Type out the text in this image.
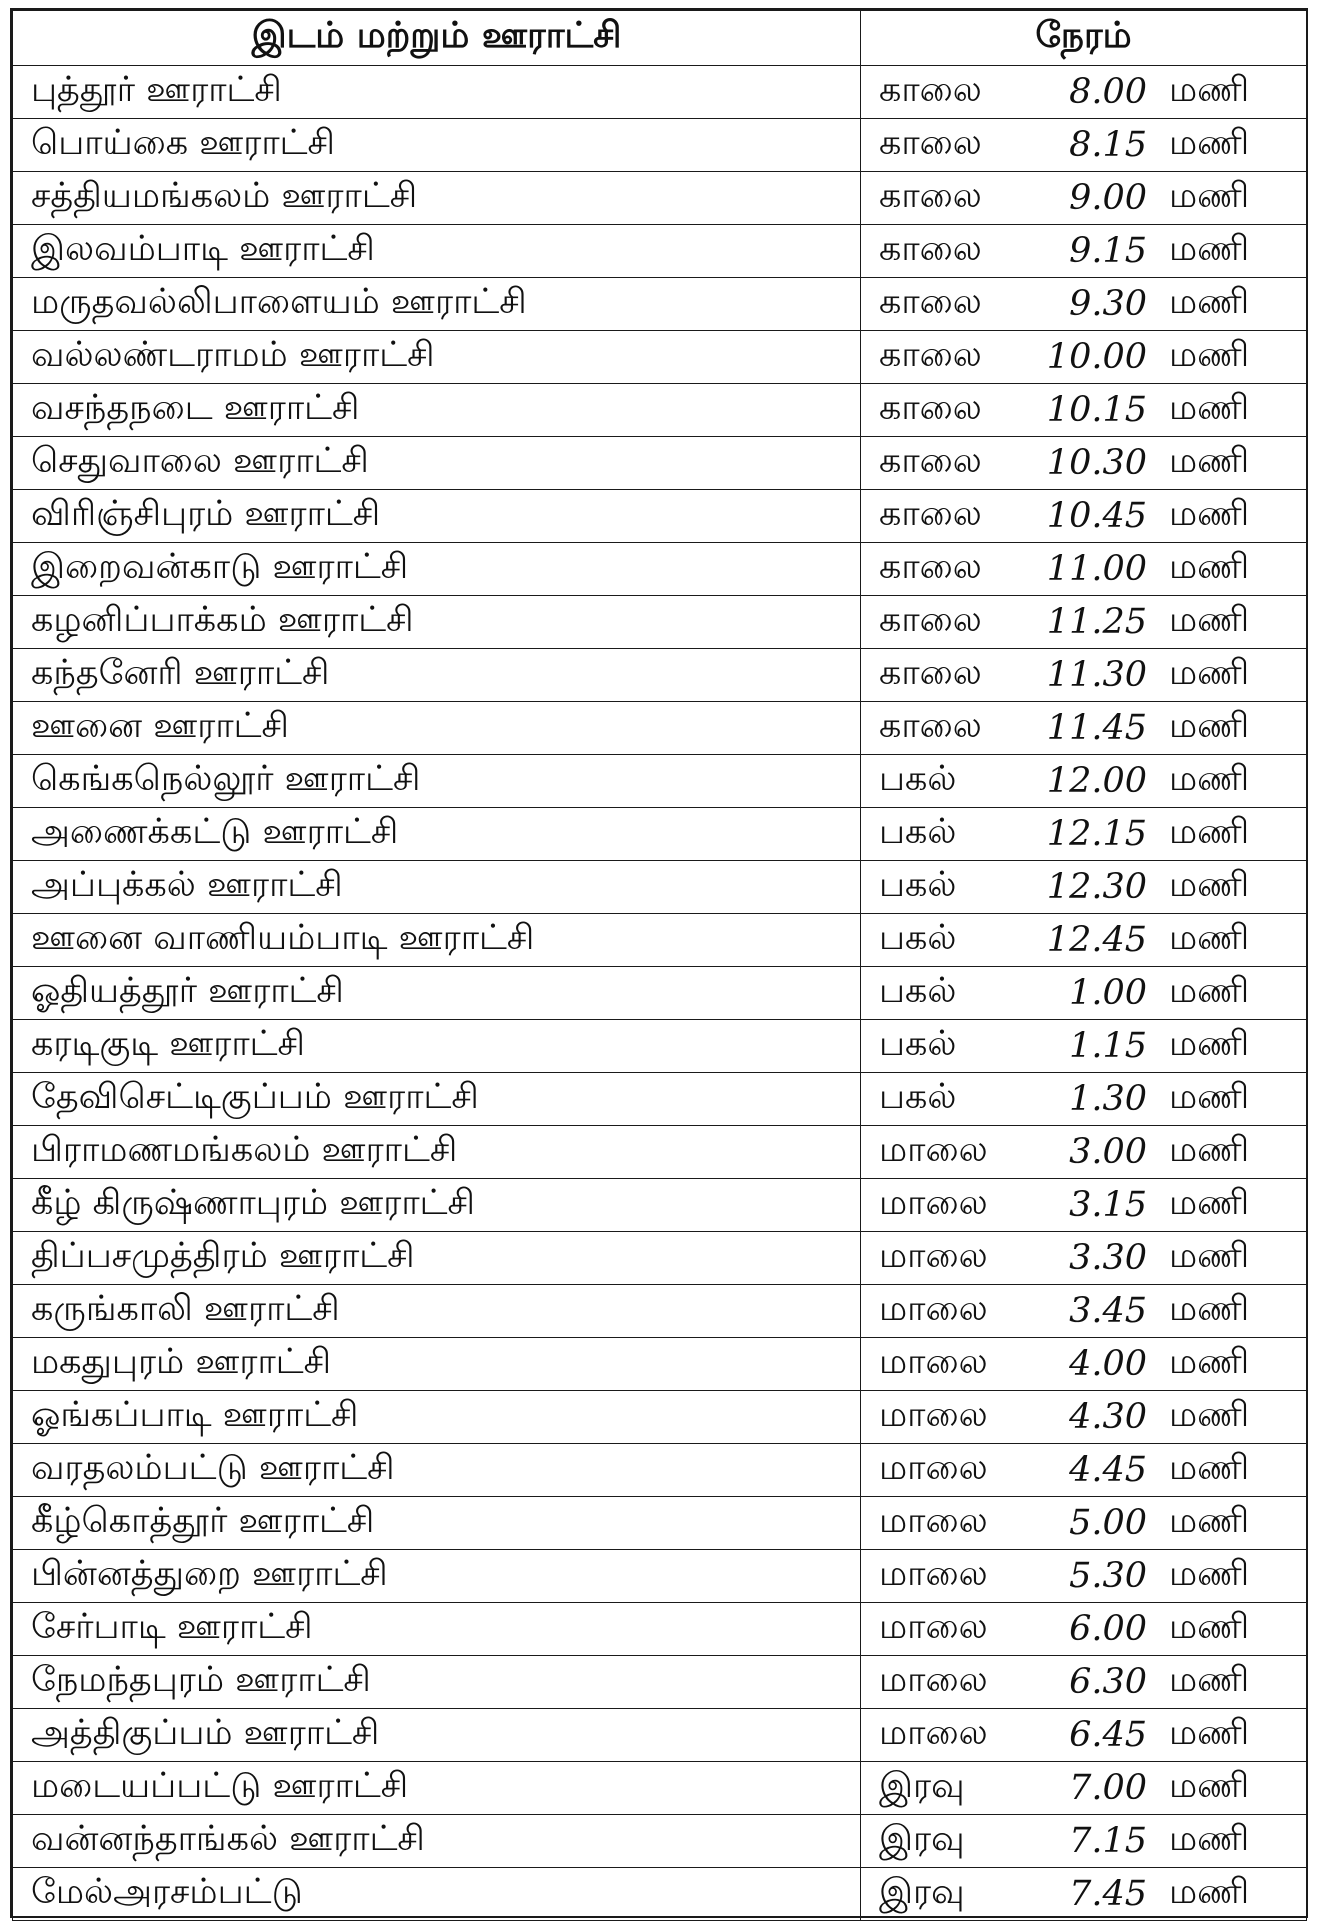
இடம் மற்றும் ஊராட்சி	நேரம்
புத்தூர் ஊராட்சி	காலை 8.00 மணி

பொய்கை ஊராட்சி	காலை 8.15 மணி

சத்தியமங்கலம் ஊராட்சி	காலை 9.00 மணி

இலவம்பாடி ஊராட்சி	காலை 9.15 மணி

மருதவல்லிபாளையம் ஊராட்சி	காலை 9.30 மணி

வல்லண்டராமம் ஊராட்சி	காலை 10.00 மணி

வசந்தநடை ஊராட்சி	காலை 10.15 மணி

செதுவாலை ஊராட்சி	காலை 10.30 மணி

விரிஞ்சிபுரம் ஊராட்சி	காலை 10.45 மணி

இறைவன்காடு ஊராட்சி	காலை 11.00 மணி

கழனிப்பாக்கம் ஊராட்சி	காலை 11.25 மணி

கந்தனேரி ஊராட்சி	காலை 11.30 மணி

ஊனை ஊராட்சி	காலை 11.45 மணி

கெங்கநெல்லூர் ஊராட்சி	பகல் 12.00 மணி

அணைக்கட்டு ஊராட்சி	பகல் 12.15 மணி

அப்புக்கல் ஊராட்சி	பகல் 12.30 மணி

ஊனை வாணியம்பாடி ஊராட்சி	பகல் 12.45 மணி

ஓதியத்தூர் ஊராட்சி	பகல் 1.00 மணி

கரடிகுடி ஊராட்சி	பகல் 1.15 மணி

தேவிசெட்டிகுப்பம் ஊராட்சி	பகல் 1.30 மணி

பிராமணமங்கலம் ஊராட்சி	மாலை 3.00 மணி

கீழ் கிருஷ்ணாபுரம் ஊராட்சி	மாலை 3.15 மணி

திப்பசமுத்திரம் ஊராட்சி	மாலை 3.30 மணி

கருங்காலி ஊராட்சி	மாலை 3.45 மணி

மகதுபுரம் ஊராட்சி	மாலை 4.00 மணி

ஓங்கப்பாடி ஊராட்சி	மாலை 4.30 மணி

வரதலம்பட்டு ஊராட்சி	மாலை 4.45 மணி

கீழ்கொத்தூர் ஊராட்சி	மாலை 5.00 மணி

பின்னத்துறை ஊராட்சி	மாலை 5.30 மணி

சேர்பாடி ஊராட்சி	மாலை 6.00 மணி

நேமந்தபுரம் ஊராட்சி	மாலை 6.30 மணி

அத்திகுப்பம் ஊராட்சி	மாலை 6.45 மணி

மடையப்பட்டு ஊராட்சி	இரவு 7.00 மணி

வன்னந்தாங்கல் ஊராட்சி	இரவு 7.15 மணி

மேல்அரசம்பட்டு	இரவு 7.45 மணி
